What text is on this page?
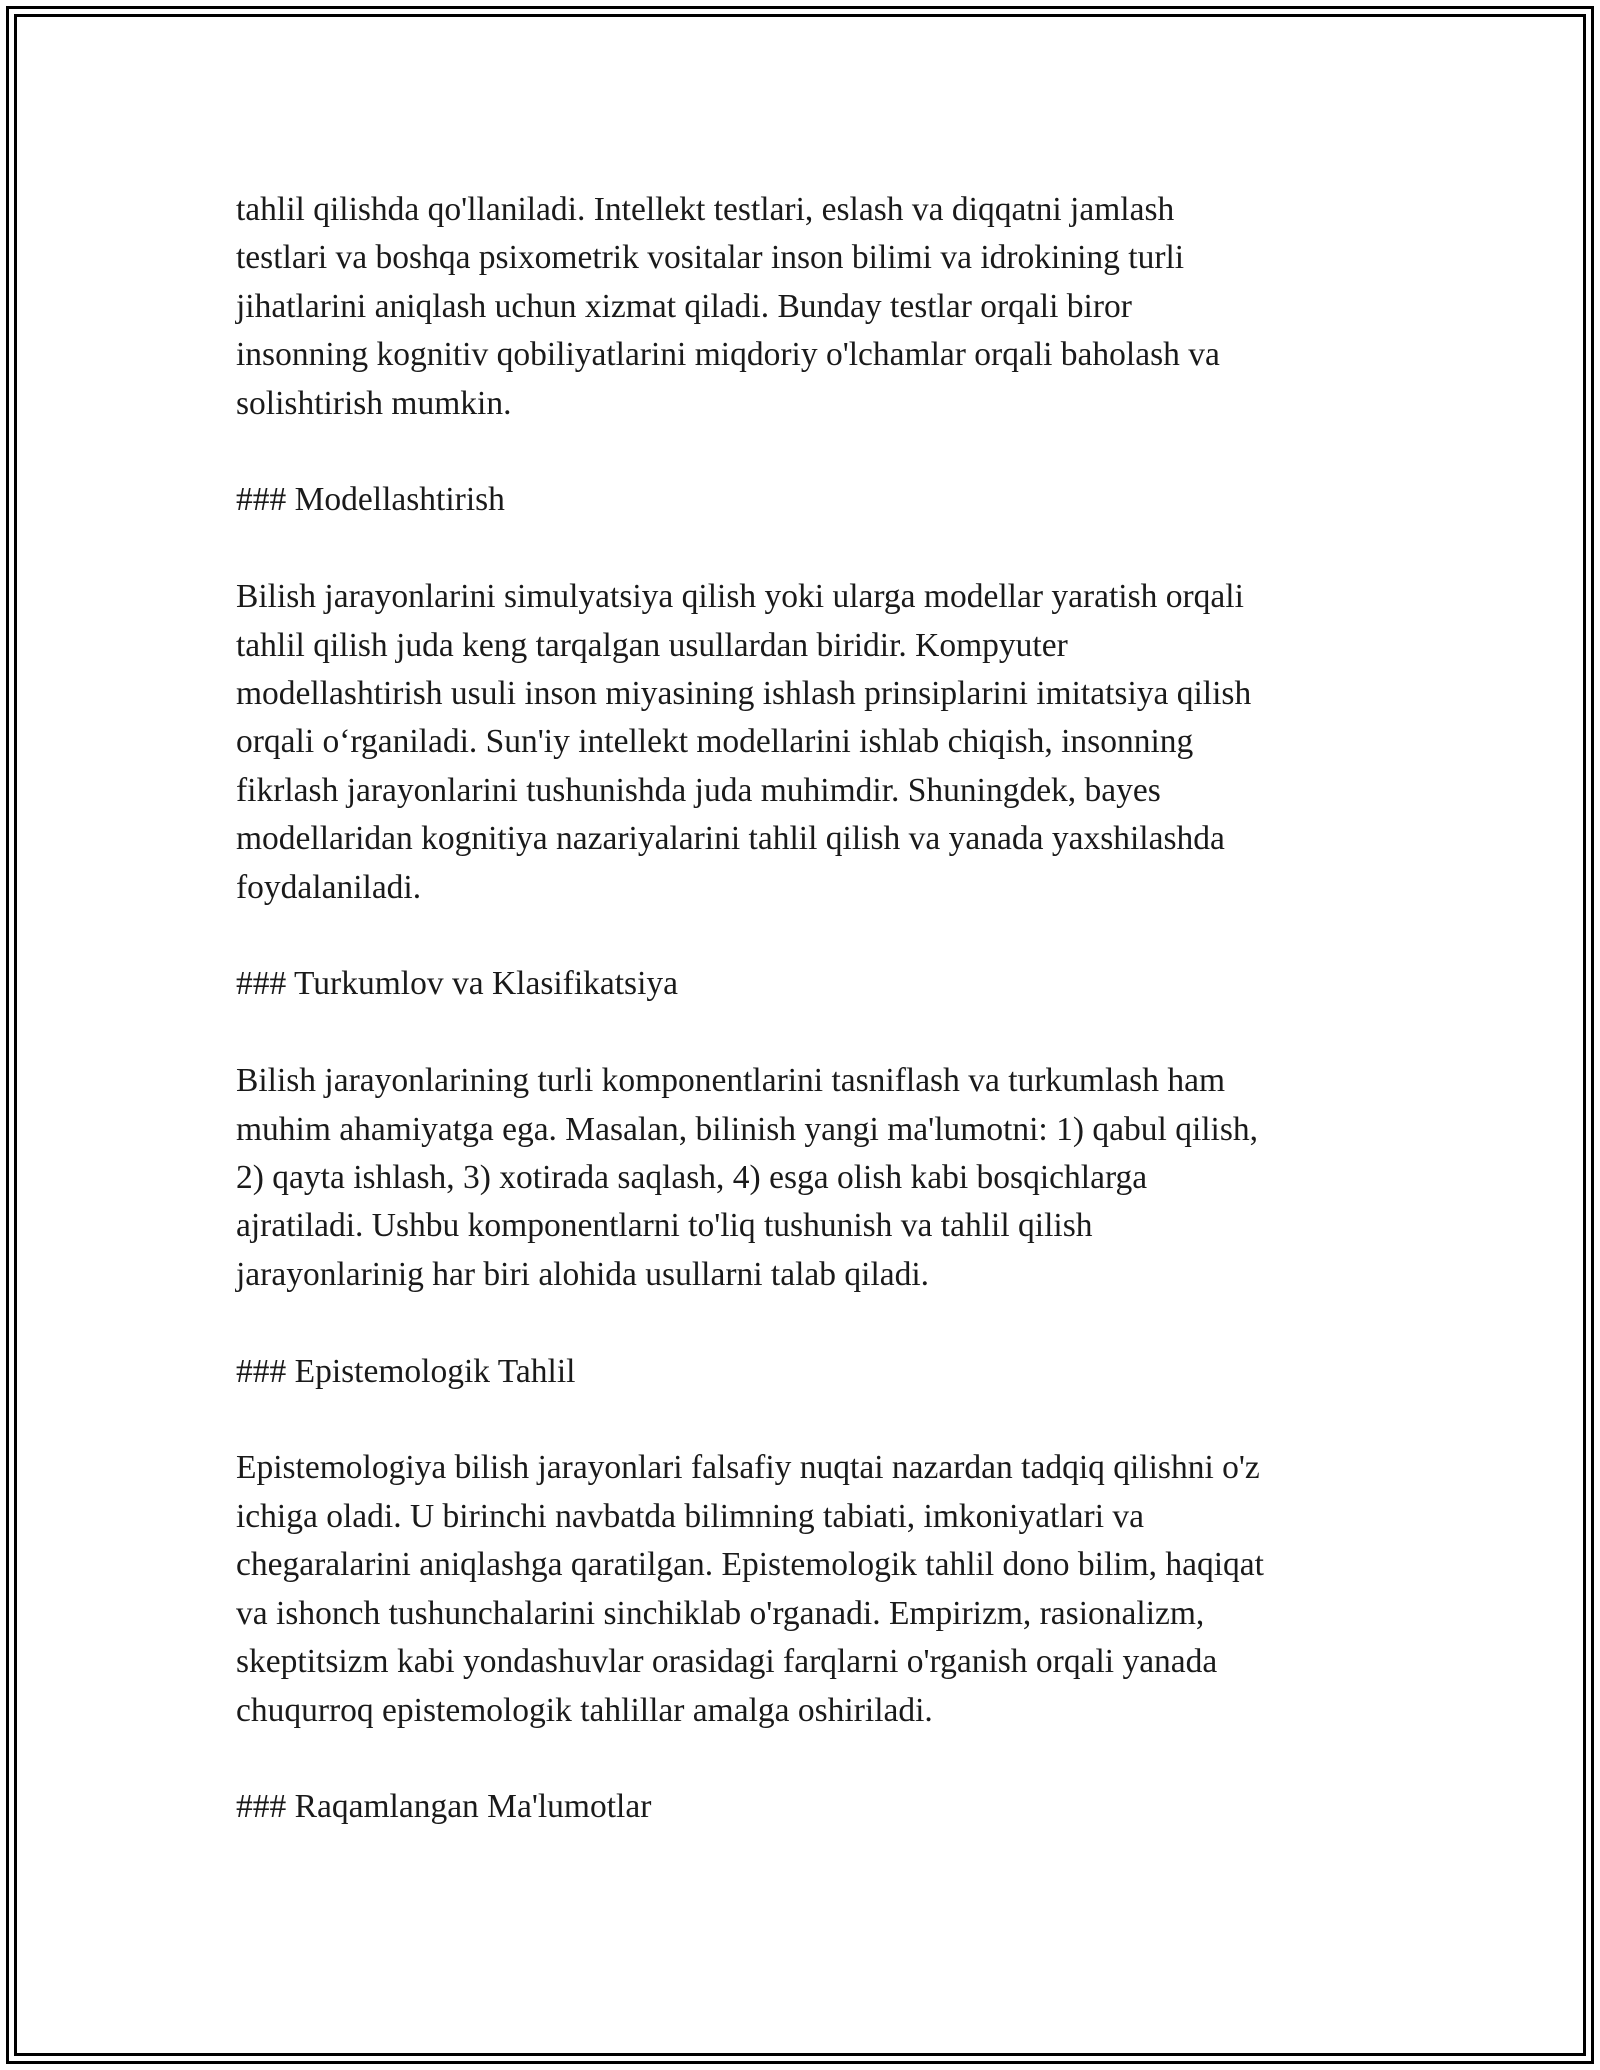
tahlil qilishda qo'llaniladi. Intellekt testlari, eslash va diqqatni jamlash
testlari va boshqa psixometrik vositalar inson bilimi va idrokining turli
jihatlarini aniqlash uchun xizmat qiladi. Bunday testlar orqali biror
insonning kognitiv qobiliyatlarini miqdoriy o'lchamlar orqali baholash va
solishtirish mumkin.

### Modellashtirish

Bilish jarayonlarini simulyatsiya qilish yoki ularga modellar yaratish orqali
tahlil qilish juda keng tarqalgan usullardan biridir. Kompyuter
modellashtirish usuli inson miyasining ishlash prinsiplarini imitatsiya qilish
orqali o‘rganiladi. Sun'iy intellekt modellarini ishlab chiqish, insonning
fikrlash jarayonlarini tushunishda juda muhimdir. Shuningdek, bayes
modellaridan kognitiya nazariyalarini tahlil qilish va yanada yaxshilashda
foydalaniladi.

### Turkumlov va Klasifikatsiya

Bilish jarayonlarining turli komponentlarini tasniflash va turkumlash ham
muhim ahamiyatga ega. Masalan, bilinish yangi ma'lumotni: 1) qabul qilish,
2) qayta ishlash, 3) xotirada saqlash, 4) esga olish kabi bosqichlarga
ajratiladi. Ushbu komponentlarni to'liq tushunish va tahlil qilish
jarayonlarinig har biri alohida usullarni talab qiladi.

### Epistemologik Tahlil

Epistemologiya bilish jarayonlari falsafiy nuqtai nazardan tadqiq qilishni o'z
ichiga oladi. U birinchi navbatda bilimning tabiati, imkoniyatlari va
chegaralarini aniqlashga qaratilgan. Epistemologik tahlil dono bilim, haqiqat
va ishonch tushunchalarini sinchiklab o'rganadi. Empirizm, rasionalizm,
skeptitsizm kabi yondashuvlar orasidagi farqlarni o'rganish orqali yanada
chuqurroq epistemologik tahlillar amalga oshiriladi.

### Raqamlangan Ma'lumotlar
